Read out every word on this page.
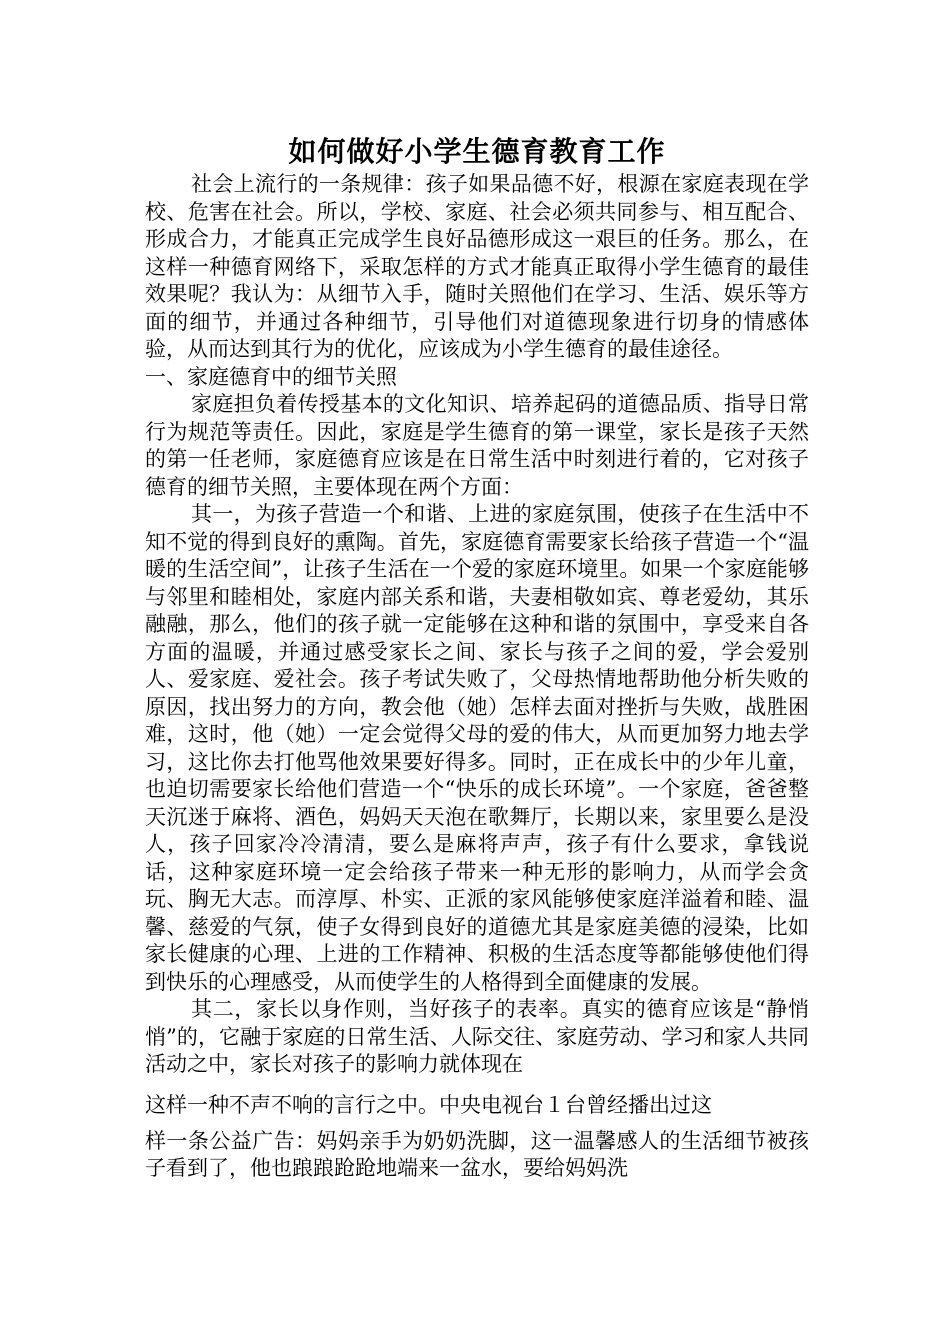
如何做好小学生德育教育工作

社会上流行的一条规律：孩子如果品德不好，根源在家庭表现在学校、危害在社会。所以，学校、家庭、社会必须共同参与、相互配合、形成合力，才能真正完成学生良好品德形成这一艰巨的任务。那么，在这样一种德育网络下，采取怎样的方式才能真正取得小学生德育的最佳效果呢？我认为：从细节入手，随时关照他们在学习、生活、娱乐等方面的细节，并通过各种细节，引导他们对道德现象进行切身的情感体验，从而达到其行为的优化，应该成为小学生德育的最佳途径。

一、家庭德育中的细节关照

家庭担负着传授基本的文化知识、培养起码的道德品质、指导日常行为规范等责任。因此，家庭是学生德育的第一课堂，家长是孩子天然的第一任老师，家庭德育应该是在日常生活中时刻进行着的，它对孩子德育的细节关照，主要体现在两个方面：

其一，为孩子营造一个和谐、上进的家庭氛围，使孩子在生活中不知不觉的得到良好的熏陶。首先，家庭德育需要家长给孩子营造一个“温暖的生活空间”，让孩子生活在一个爱的家庭环境里。如果一个家庭能够与邻里和睦相处，家庭内部关系和谐，夫妻相敬如宾、尊老爱幼，其乐融融，那么，他们的孩子就一定能够在这种和谐的氛围中，享受来自各方面的温暖，并通过感受家长之间、家长与孩子之间的爱，学会爱别人、爱家庭、爱社会。孩子考试失败了，父母热情地帮助他分析失败的原因，找出努力的方向，教会他（她）怎样去面对挫折与失败，战胜困难，这时，他（她）一定会觉得父母的爱的伟大，从而更加努力地去学习，这比你去打他骂他效果要好得多。同时，正在成长中的少年儿童，也迫切需要家长给他们营造一个“快乐的成长环境”。一个家庭，爸爸整天沉迷于麻将、酒色，妈妈天天泡在歌舞厅，长期以来，家里要么是没人，孩子回家冷冷清清，要么是麻将声声，孩子有什么要求，拿钱说话，这种家庭环境一定会给孩子带来一种无形的影响力，从而学会贪玩、胸无大志。而淳厚、朴实、正派的家风能够使家庭洋溢着和睦、温馨、慈爱的气氛，使子女得到良好的道德尤其是家庭美德的浸染，比如家长健康的心理、上进的工作精神、积极的生活态度等都能够使他们得到快乐的心理感受，从而使学生的人格得到全面健康的发展。

其二，家长以身作则，当好孩子的表率。真实的德育应该是“静悄悄”的，它融于家庭的日常生活、人际交往、家庭劳动、学习和家人共同活动之中，家长对孩子的影响力就体现在

这样一种不声不响的言行之中。中央电视台１台曾经播出过这

样一条公益广告：妈妈亲手为奶奶洗脚，这一温馨感人的生活细节被孩子看到了，他也踉踉跄跄地端来一盆水，要给妈妈洗
